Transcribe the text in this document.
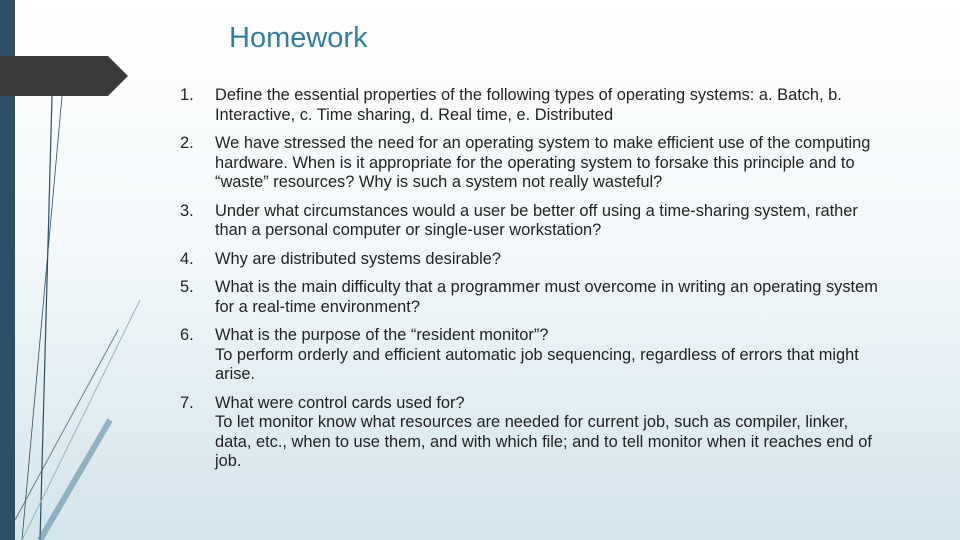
Homework
1.	Define the essential properties of the following types of operating systems: a. Batch, b. Interactive, c. Time sharing, d. Real time, e. Distributed
2.	We have stressed the need for an operating system to make efficient use of the computing hardware. When is it appropriate for the operating system to forsake this principle and to “waste” resources? Why is such a system not really wasteful?
3.	Under what circumstances would a user be better off using a time-sharing system, rather than a personal computer or single-user workstation?
4.	Why are distributed systems desirable?
5.	What is the main difficulty that a programmer must overcome in writing an operating system for a real-time environment?
6.	What is the purpose of the “resident monitor”?
To perform orderly and efficient automatic job sequencing, regardless of errors that might arise.
7.	What were control cards used for?
To let monitor know what resources are needed for current job, such as compiler, linker, data, etc., when to use them, and with which file; and to tell monitor when it reaches end of job.
